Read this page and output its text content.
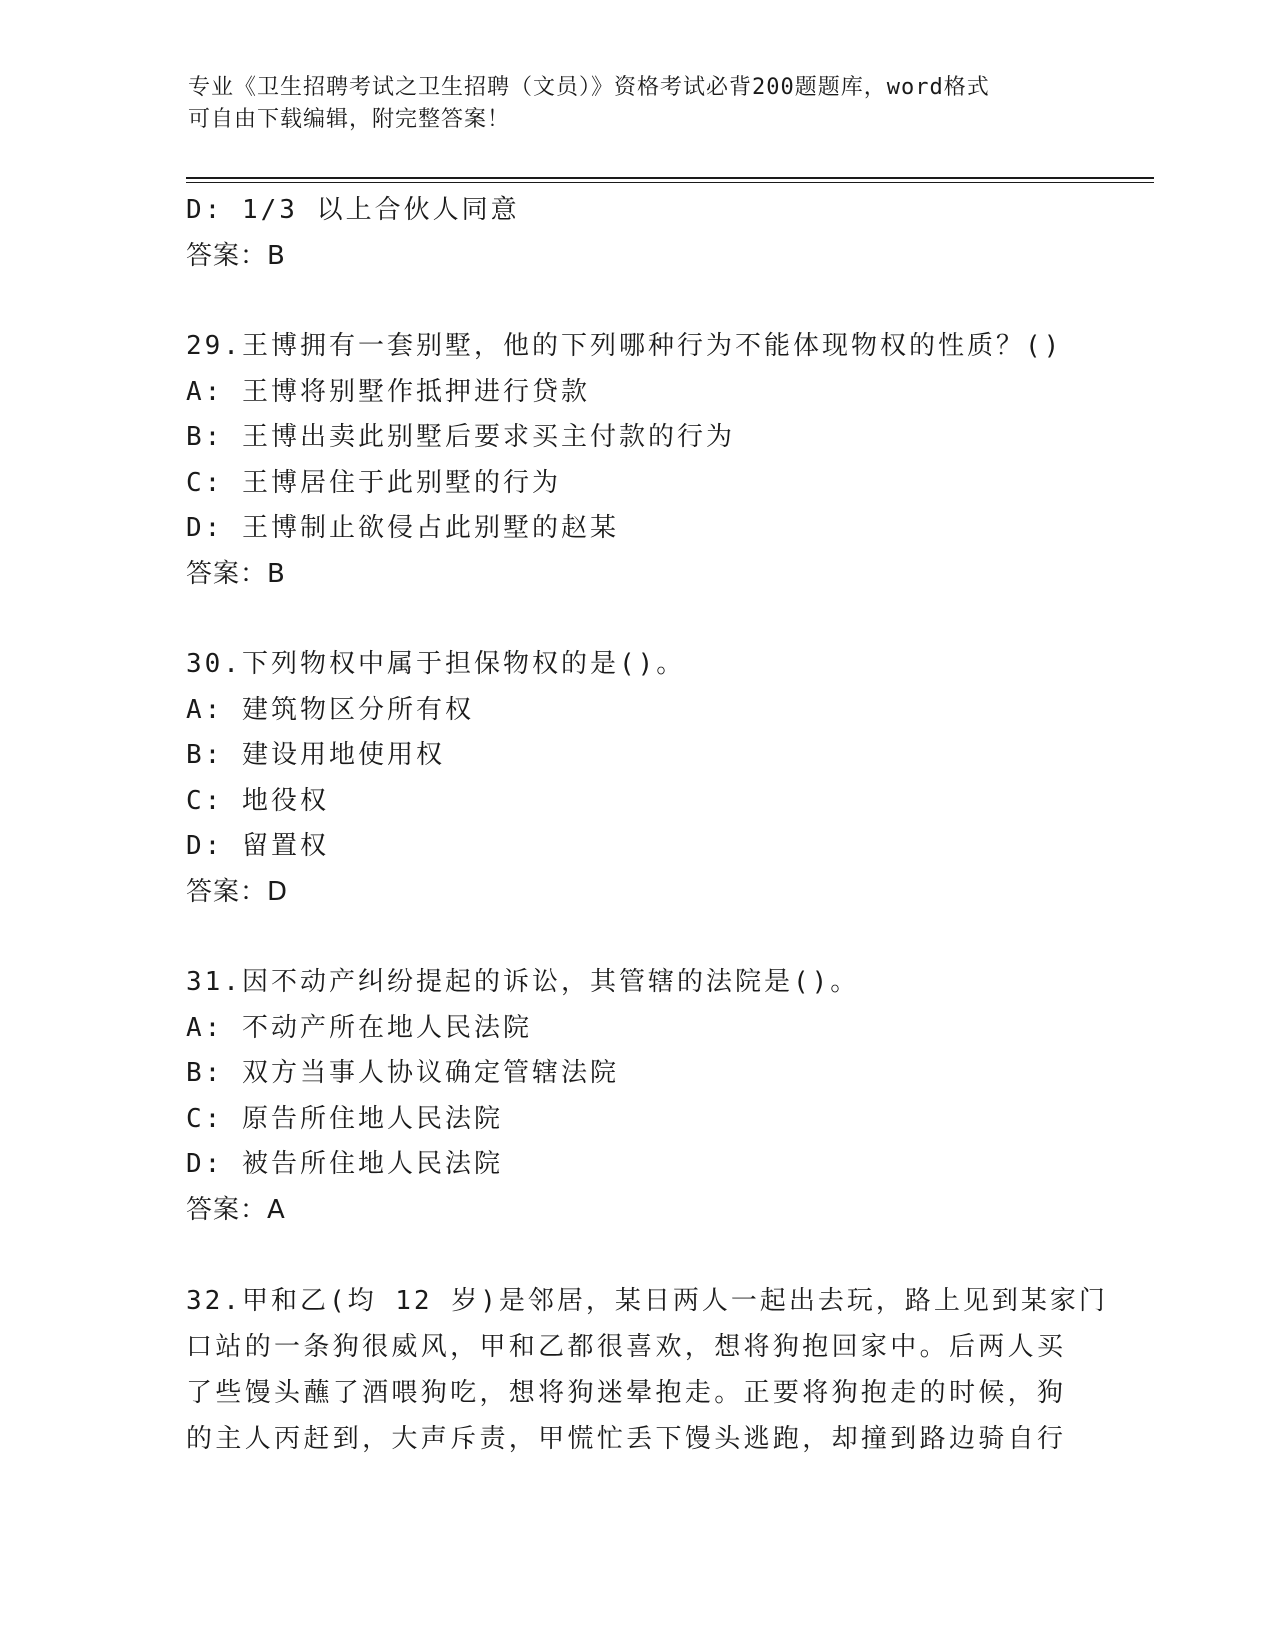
专业《卫生招聘考试之卫生招聘（文员）》资格考试必背200题题库，word格式
可自由下载编辑，附完整答案！
D: 1/3 以上合伙人同意
答案：B
29.王博拥有一套别墅，他的下列哪种行为不能体现物权的性质？()
A: 王博将别墅作抵押进行贷款
B: 王博出卖此别墅后要求买主付款的行为
C: 王博居住于此别墅的行为
D: 王博制止欲侵占此别墅的赵某
答案：B
30.下列物权中属于担保物权的是()。
A: 建筑物区分所有权
B: 建设用地使用权
C: 地役权
D: 留置权
答案：D
31.因不动产纠纷提起的诉讼，其管辖的法院是()。
A: 不动产所在地人民法院
B: 双方当事人协议确定管辖法院
C: 原告所住地人民法院
D: 被告所住地人民法院
答案：A
32.甲和乙(均 12 岁)是邻居，某日两人一起出去玩，路上见到某家门
口站的一条狗很威风，甲和乙都很喜欢，想将狗抱回家中。后两人买
了些馒头蘸了酒喂狗吃，想将狗迷晕抱走。正要将狗抱走的时候，狗
的主人丙赶到，大声斥责，甲慌忙丢下馒头逃跑，却撞到路边骑自行
